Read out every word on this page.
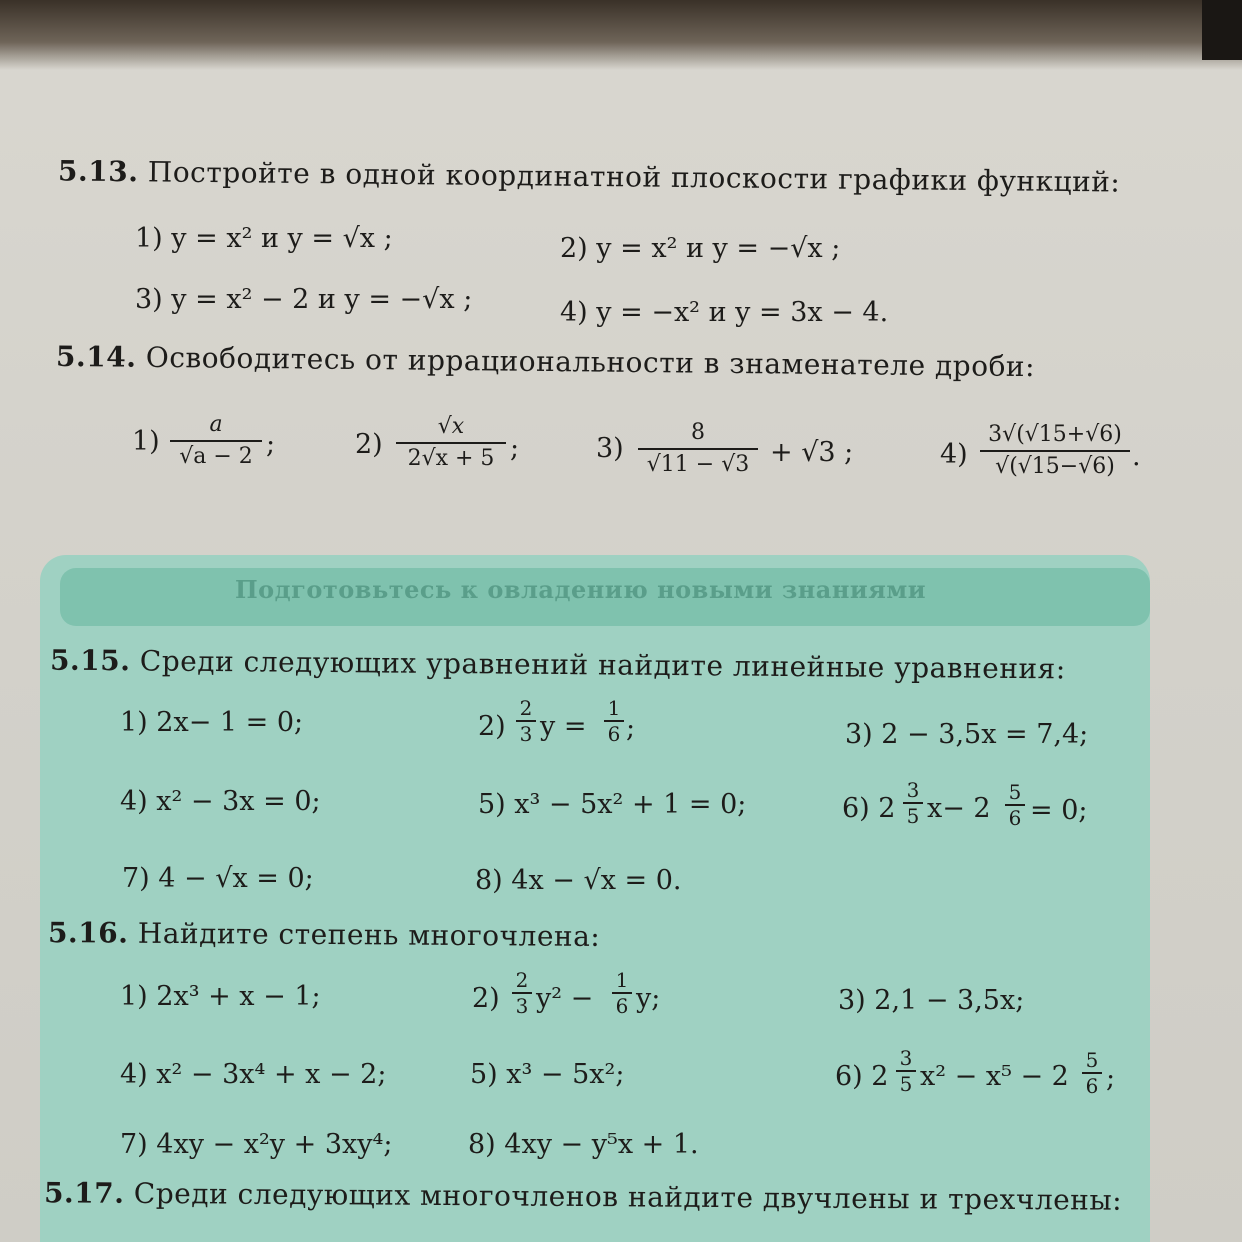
5.13. Постройте в одной координатной плоскости графики функций:
1) y = x² и y = √x ;	2) y = x² и y = −√x ;
3) y = x² − 2 и y = −√x ;	4) y = −x² и y = 3x − 4.
5.14. Освободитесь от иррациональности в знаменателе дроби:
1)
a
√a − 2 ;	2)
√x
2√x + 5 ;	3)
8
√11 − √3 + √3 ;	4)
3√(√15+√6)
√(√15−√6) .
Подготовьтесь к овладению новыми знаниями
5.15. Среди следующих уравнений найдите линейные уравнения:
1) 2x− 1 = 0;	2)
2
3 y =
1
6 ;	3) 2 − 3,5x = 7,4;
4) x² − 3x = 0;	5) x³ − 5x² + 1 = 0;	6) 2
3
5 x− 2
5
6 = 0;
7) 4 − √x = 0;	8) 4x − √x = 0.
5.16. Найдите степень многочлена:
1) 2x³ + x − 1;	2)
2
3 y² −
1
6 y;	3) 2,1 − 3,5x;
4) x² − 3x⁴ + x − 2;	5) x³ − 5x²;	6) 2
3
5 x² − x⁵ − 2
5
6 ;
7) 4xy − x²y + 3xy⁴;	8) 4xy − y⁵x + 1.
5.17. Среди следующих многочленов найдите двучлены и трехчлены:
